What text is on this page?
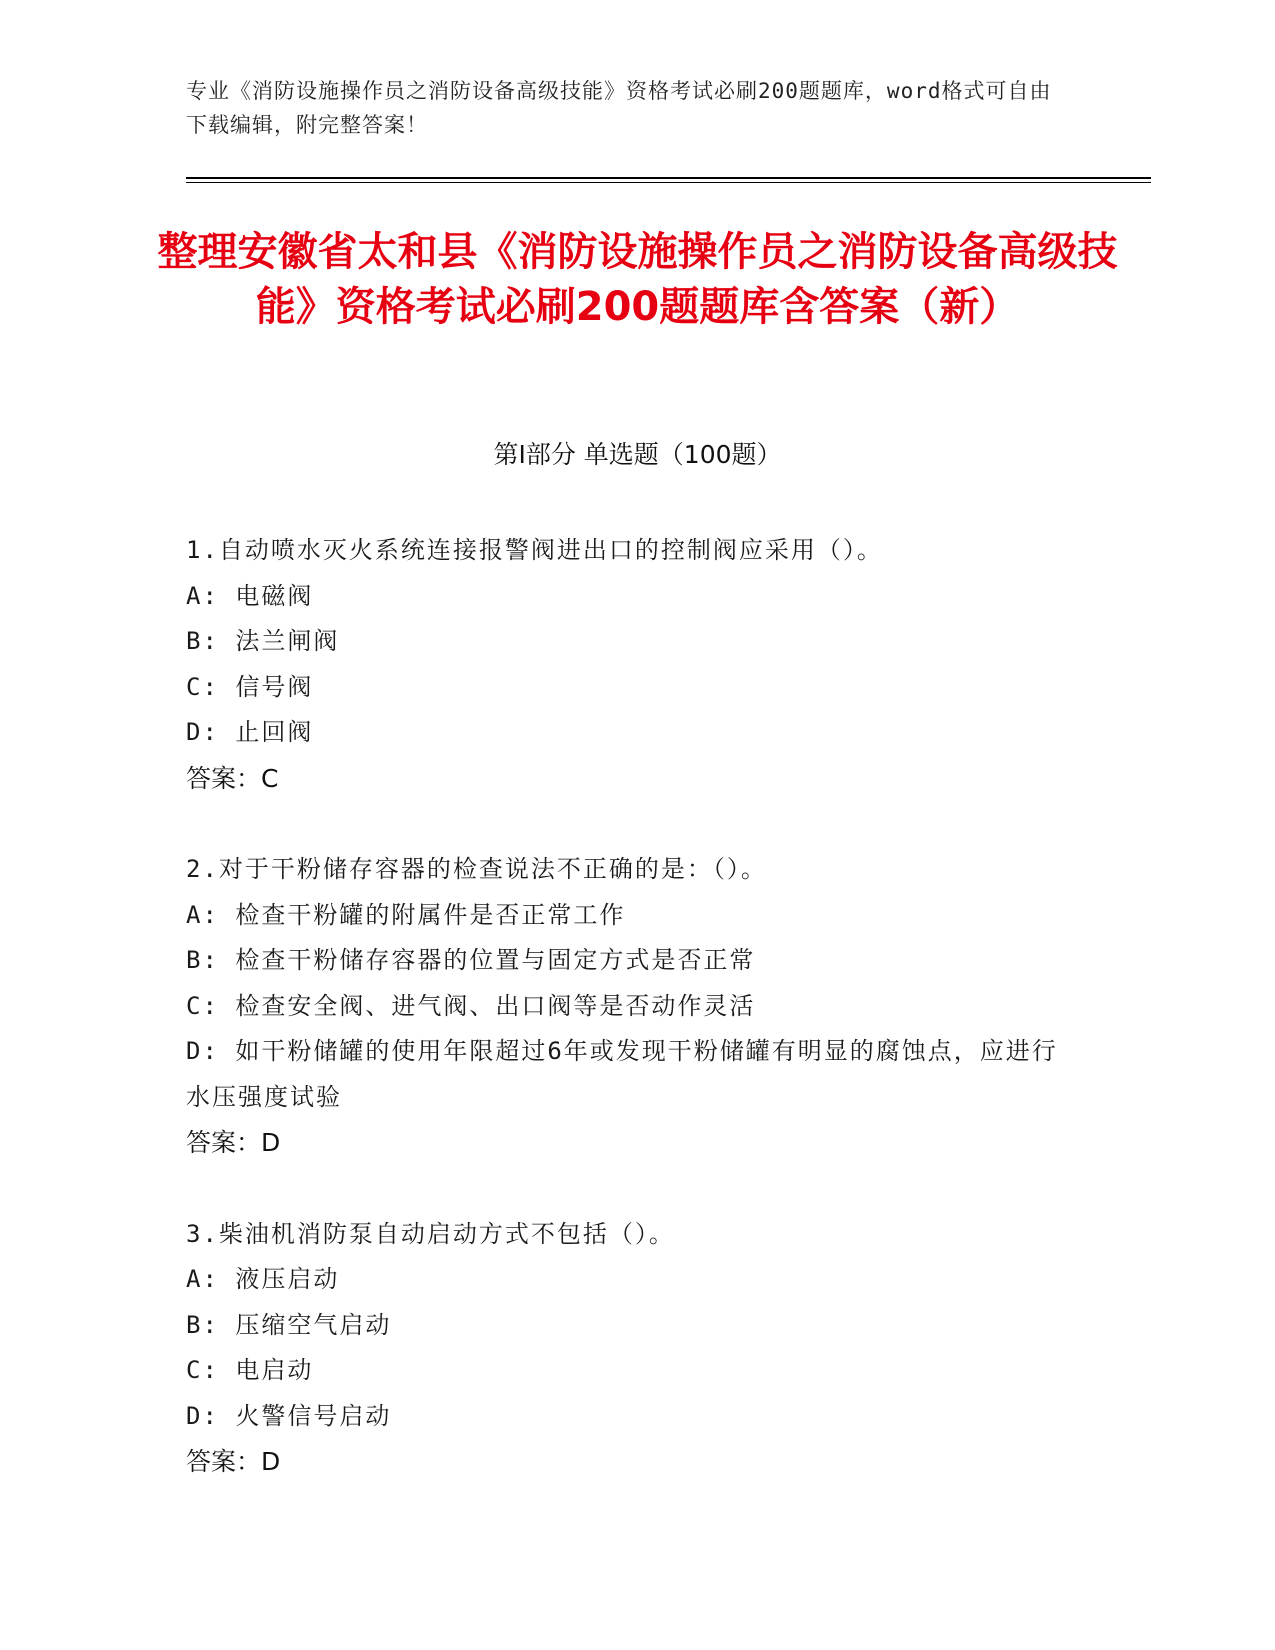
专业《消防设施操作员之消防设备高级技能》资格考试必刷200题题库，word格式可自由下载编辑，附完整答案！
整理安徽省太和县《消防设施操作员之消防设备高级技能》资格考试必刷200题题库含答案（新）
第Ⅰ部分 单选题（100题）
1.自动喷水灭火系统连接报警阀进出口的控制阀应采用（）。
A: 电磁阀
B: 法兰闸阀
C: 信号阀
D: 止回阀
答案：C
2.对于干粉储存容器的检查说法不正确的是：（）。
A: 检查干粉罐的附属件是否正常工作
B: 检查干粉储存容器的位置与固定方式是否正常
C: 检查安全阀、进气阀、出口阀等是否动作灵活
D: 如干粉储罐的使用年限超过6年或发现干粉储罐有明显的腐蚀点，应进行水压强度试验
答案：D
3.柴油机消防泵自动启动方式不包括（）。
A: 液压启动
B: 压缩空气启动
C: 电启动
D: 火警信号启动
答案：D
